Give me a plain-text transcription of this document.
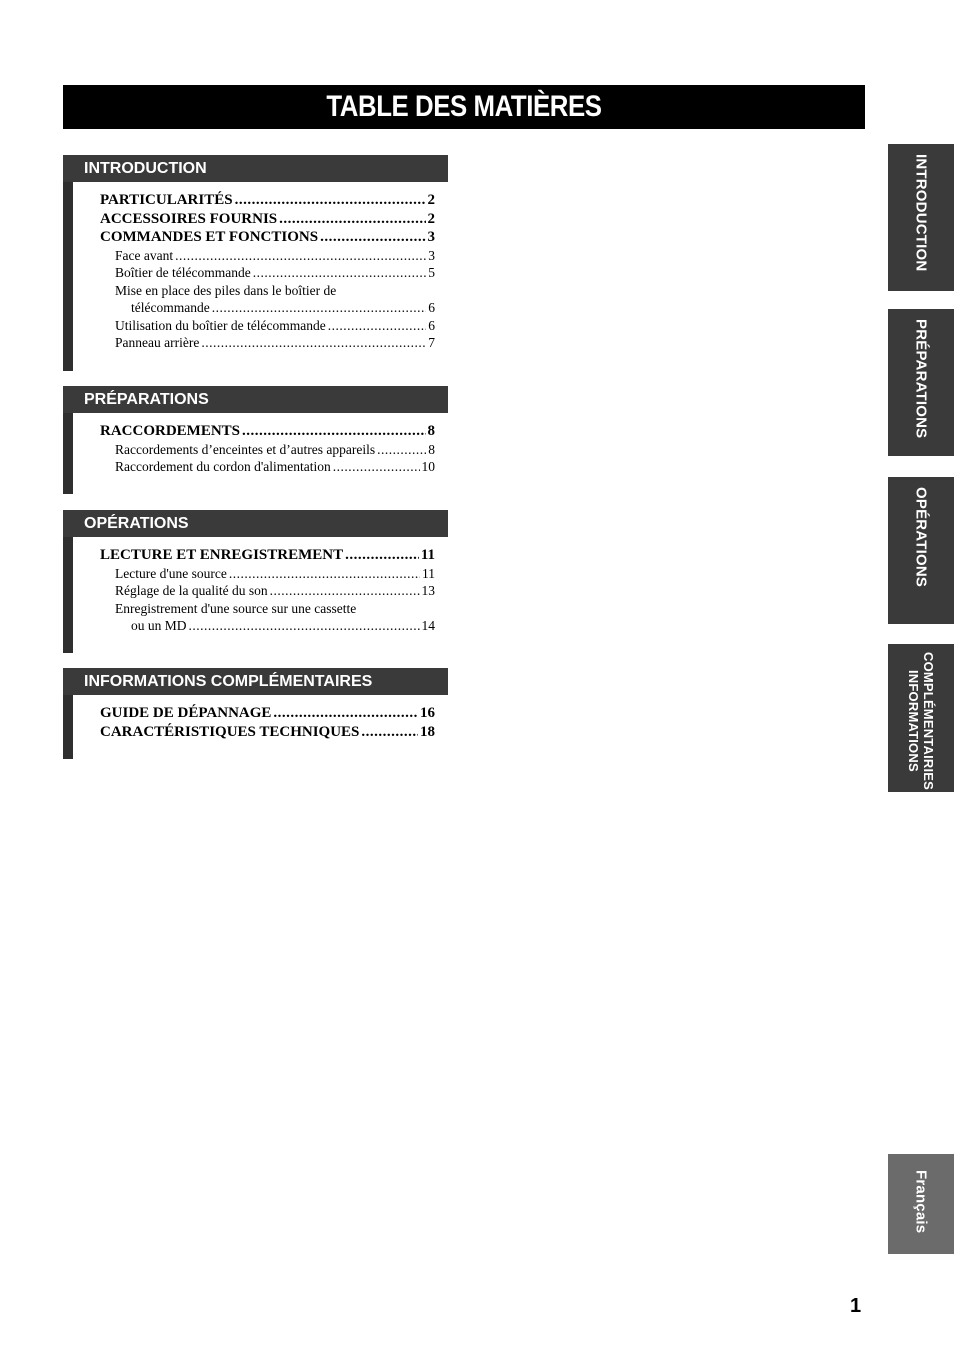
TABLE DES MATIÈRES
INTRODUCTION
PARTICULARITÉS .....	2
ACCESSOIRES FOURNIS .....	2
COMMANDES ET FONCTIONS .....	3
Face avant .....	3
Boîtier de télécommande .....	5
Mise en place des piles dans le boîtier de
télécommande .....	6
Utilisation du boîtier de télécommande .....	6
Panneau arrière .....	7
PRÉPARATIONS
RACCORDEMENTS .....	8
Raccordements d’enceintes et d’autres appareils .....	8
Raccordement du cordon d'alimentation .....	10
OPÉRATIONS
LECTURE ET ENREGISTREMENT .....	11
Lecture d'une source .....	11
Réglage de la qualité du son .....	13
Enregistrement d'une source sur une cassette
ou un MD .....	14
INFORMATIONS COMPLÉMENTAIRES
GUIDE DE DÉPANNAGE .....	16
CARACTÉRISTIQUES TECHNIQUES .....	18
INTRODUCTION
PRÉPARATIONS
OPÉRATIONS
COMPLÉMENTAIRIES
INFORMATIONS
Français
1
